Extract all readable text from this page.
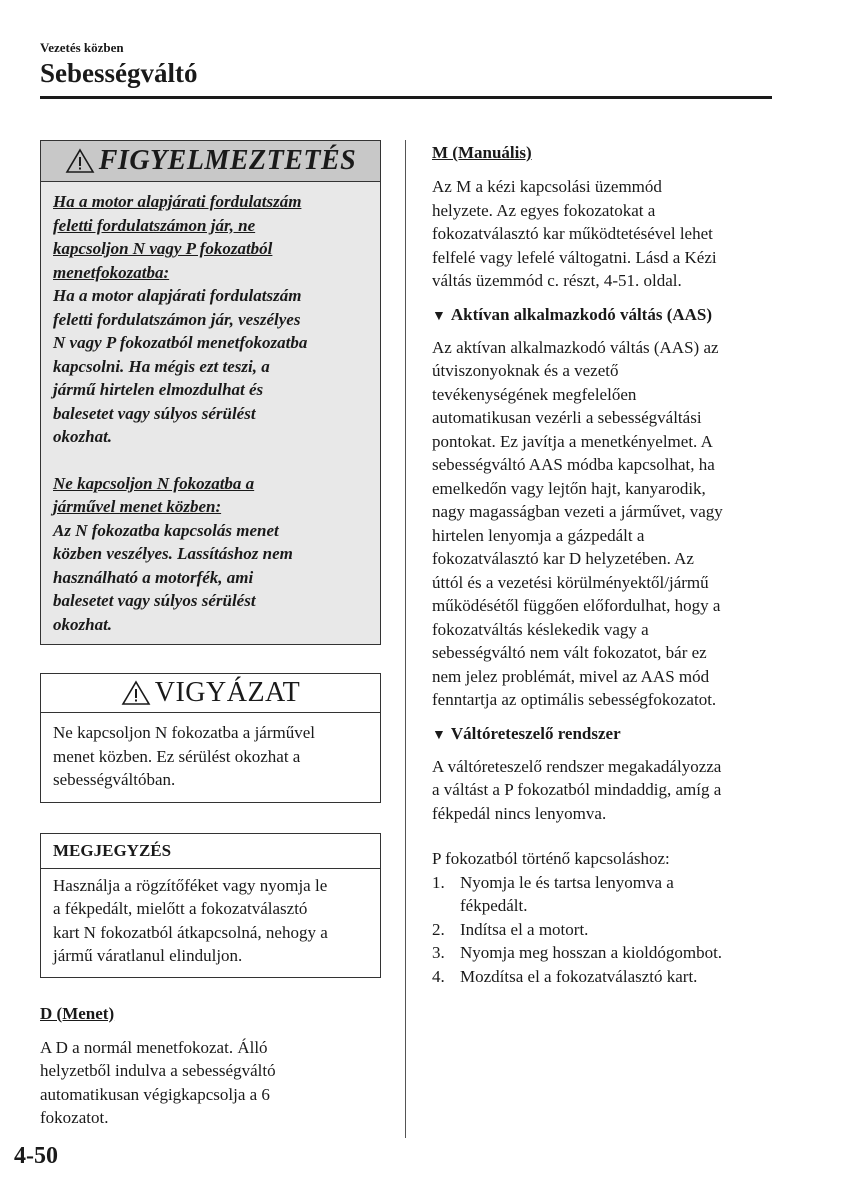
Vezetés közben
Sebességváltó
FIGYELMEZTETÉS

Ha a motor alapjárati fordulatszám

feletti fordulatszámon jár, ne

kapcsoljon N vagy P fokozatból

menetfokozatba:

Ha a motor alapjárati fordulatszám

feletti fordulatszámon jár, veszélyes

N vagy P fokozatból menetfokozatba

kapcsolni. Ha mégis ezt teszi, a

jármű hirtelen elmozdulhat és

balesetet vagy súlyos sérülést

okozhat.

Ne kapcsoljon N fokozatba a

járművel menet közben:

Az N fokozatba kapcsolás menet

közben veszélyes. Lassításhoz nem

használható a motorfék, ami

balesetet vagy súlyos sérülést

okozhat.

VIGYÁZAT
Ne kapcsoljon N fokozatba a járművel
menet közben. Ez sérülést okozhat a
sebességváltóban.
MEGJEGYZÉS
Használja a rögzítőféket vagy nyomja le
a fékpedált, mielőtt a fokozatválasztó
kart N fokozatból átkapcsolná, nehogy a
jármű váratlanul elinduljon.
D (Menet)

A D a normál menetfokozat. Álló

helyzetből indulva a sebességváltó

automatikusan végigkapcsolja a 6

fokozatot.

M (Manuális)

Az M a kézi kapcsolási üzemmód

helyzete. Az egyes fokozatokat a

fokozatválasztó kar működtetésével lehet

felfelé vagy lefelé váltogatni. Lásd a Kézi

váltás üzemmód c. részt, 4-51. oldal.

▼ Aktívan alkalmazkodó váltás (AAS)

Az aktívan alkalmazkodó váltás (AAS) az

útviszonyoknak és a vezető

tevékenységének megfelelően

automatikusan vezérli a sebességváltási

pontokat. Ez javítja a menetkényelmet. A

sebességváltó AAS módba kapcsolhat, ha

emelkedőn vagy lejtőn hajt, kanyarodik,

nagy magasságban vezeti a járművet, vagy

hirtelen lenyomja a gázpedált a

fokozatválasztó kar D helyzetében. Az

úttól és a vezetési körülményektől/jármű

működésétől függően előfordulhat, hogy a

fokozatváltás késlekedik vagy a

sebességváltó nem vált fokozatot, bár ez

nem jelez problémát, mivel az AAS mód

fenntartja az optimális sebességfokozatot.

▼ Váltóreteszelő rendszer

A váltóreteszelő rendszer megakadályozza

a váltást a P fokozatból mindaddig, amíg a

fékpedál nincs lenyomva.

P fokozatból történő kapcsoláshoz:

1. Nyomja le és tartsa lenyomva a
fékpedált.
2. Indítsa el a motort.
3. Nyomja meg hosszan a kioldógombot.
4. Mozdítsa el a fokozatválasztó kart.
4-50
